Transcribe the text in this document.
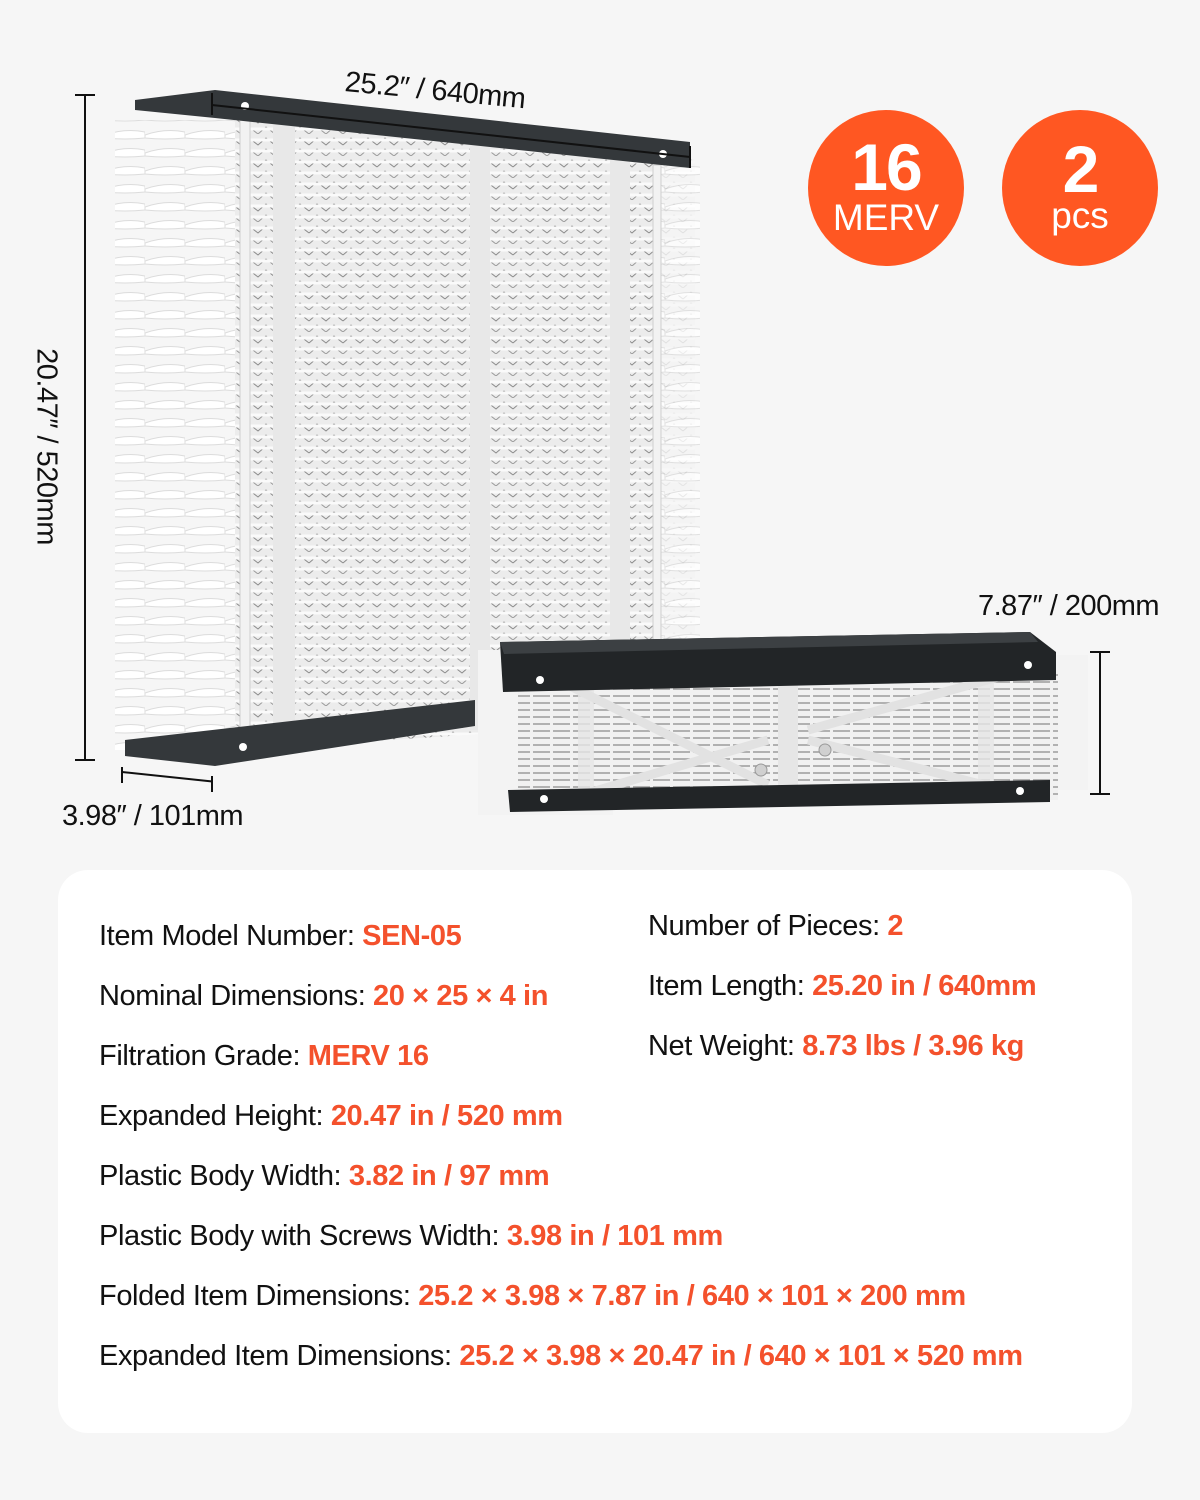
25.2″ / 640mm
20.47″ / 520mm
3.98″ / 101mm
7.87″ / 200mm
16
MERV
2
pcs
Item Model Number: SEN-05
Nominal Dimensions: 20 × 25 × 4 in
Filtration Grade: MERV 16
Expanded Height: 20.47 in / 520 mm
Plastic Body Width: 3.82 in / 97 mm
Plastic Body with Screws Width: 3.98 in / 101 mm
Folded Item Dimensions: 25.2 × 3.98 × 7.87 in / 640 × 101 × 200 mm
Expanded Item Dimensions: 25.2 × 3.98 × 20.47 in / 640 × 101 × 520 mm
Number of Pieces: 2
Item Length: 25.20 in / 640mm
Net Weight: 8.73 lbs / 3.96 kg
